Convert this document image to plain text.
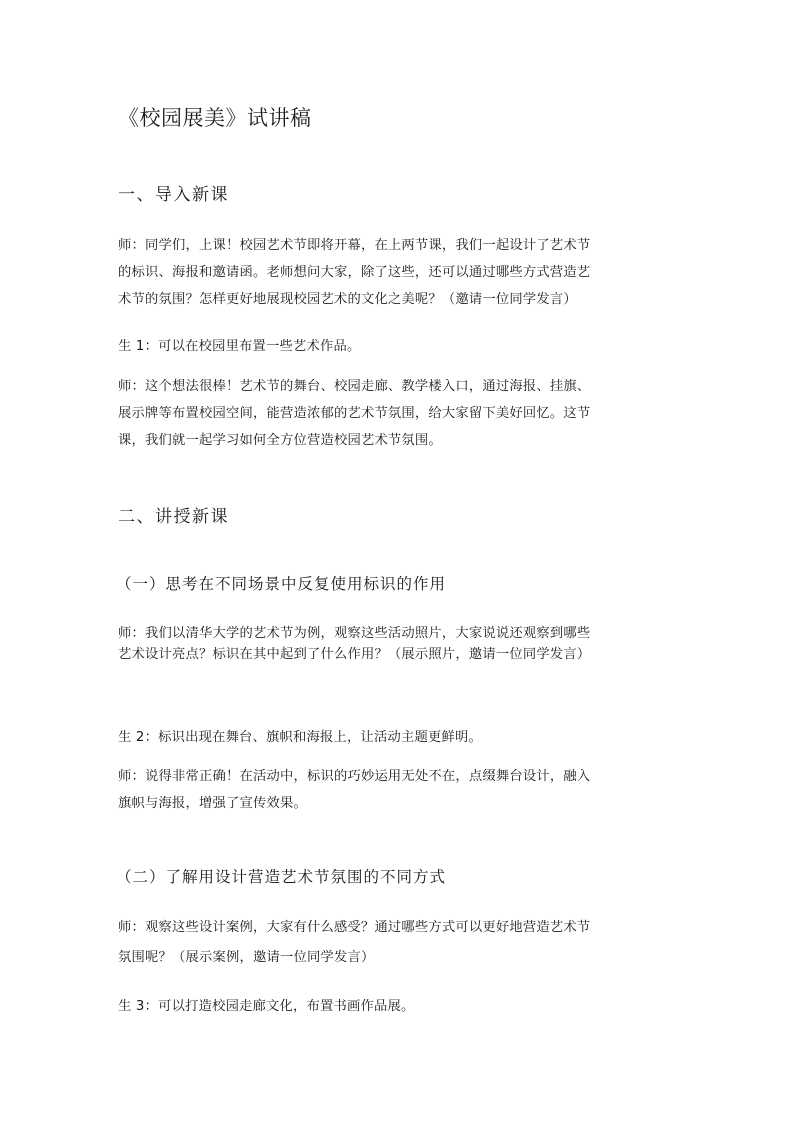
《校园展美》试讲稿
一、导入新课
师：同学们，上课！校园艺术节即将开幕，在上两节课，我们一起设计了艺术节
的标识、海报和邀请函。老师想问大家，除了这些，还可以通过哪些方式营造艺
术节的氛围？怎样更好地展现校园艺术的文化之美呢？（邀请一位同学发言）
生 1：可以在校园里布置一些艺术作品。
师：这个想法很棒！艺术节的舞台、校园走廊、教学楼入口，通过海报、挂旗、
展示牌等布置校园空间，能营造浓郁的艺术节氛围，给大家留下美好回忆。这节
课，我们就一起学习如何全方位营造校园艺术节氛围。
二、讲授新课
（一）思考在不同场景中反复使用标识的作用
师：我们以清华大学的艺术节为例，观察这些活动照片，大家说说还观察到哪些
艺术设计亮点？标识在其中起到了什么作用？（展示照片，邀请一位同学发言）
生 2：标识出现在舞台、旗帜和海报上，让活动主题更鲜明。
师：说得非常正确！在活动中，标识的巧妙运用无处不在，点缀舞台设计，融入
旗帜与海报，增强了宣传效果。
（二）了解用设计营造艺术节氛围的不同方式
师：观察这些设计案例，大家有什么感受？通过哪些方式可以更好地营造艺术节
氛围呢？（展示案例，邀请一位同学发言）
生 3：可以打造校园走廊文化，布置书画作品展。
